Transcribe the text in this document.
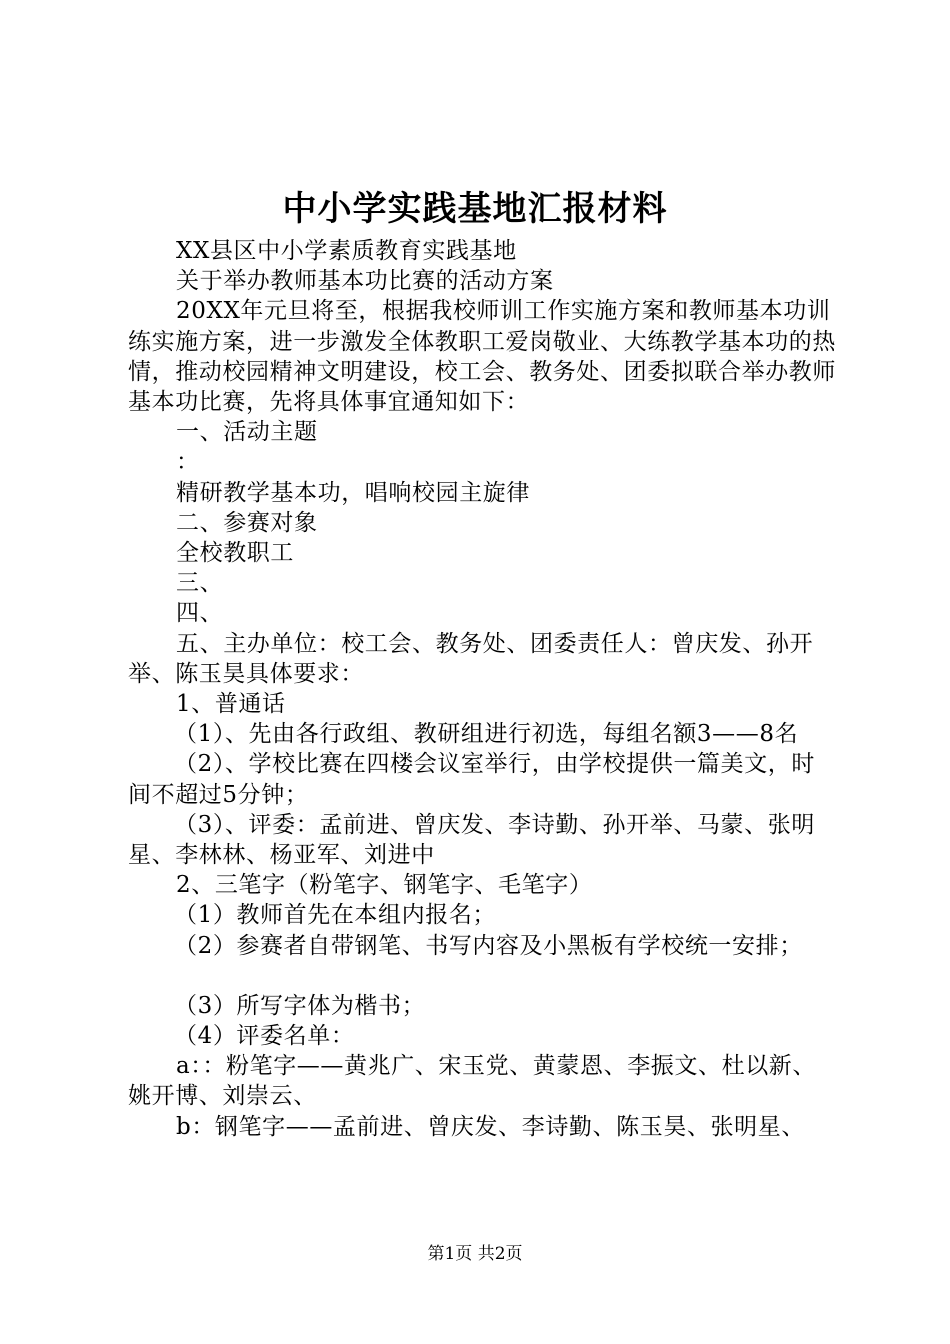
中小学实践基地汇报材料

XX县区中小学素质教育实践基地

关于举办教师基本功比赛的活动方案

20XX年元旦将至，根据我校师训工作实施方案和教师基本功训练实施方案，进一步激发全体教职工爱岗敬业、大练教学基本功的热情，推动校园精神文明建设，校工会、教务处、团委拟联合举办教师基本功比赛，先将具体事宜通知如下：

一、活动主题

：

精研教学基本功，唱响校园主旋律

二、参赛对象

全校教职工

三、

四、

五、主办单位：校工会、教务处、团委责任人：曾庆发、孙开举、陈玉昊具体要求：

1、普通话

（1）、先由各行政组、教研组进行初选，每组名额3——8名

（2）、学校比赛在四楼会议室举行，由学校提供一篇美文，时间不超过5分钟；

（3）、评委：孟前进、曾庆发、李诗勤、孙开举、马蒙、张明星、李林林、杨亚军、刘进中

2、三笔字（粉笔字、钢笔字、毛笔字）

（1）教师首先在本组内报名；

（2）参赛者自带钢笔、书写内容及小黑板有学校统一安排；

（3）所写字体为楷书；

（4）评委名单：

a：：粉笔字——黄兆广、宋玉党、黄蒙恩、李振文、杜以新、姚开博、刘崇云、

b：钢笔字——孟前进、曾庆发、李诗勤、陈玉昊、张明星、

第1页 共2页
